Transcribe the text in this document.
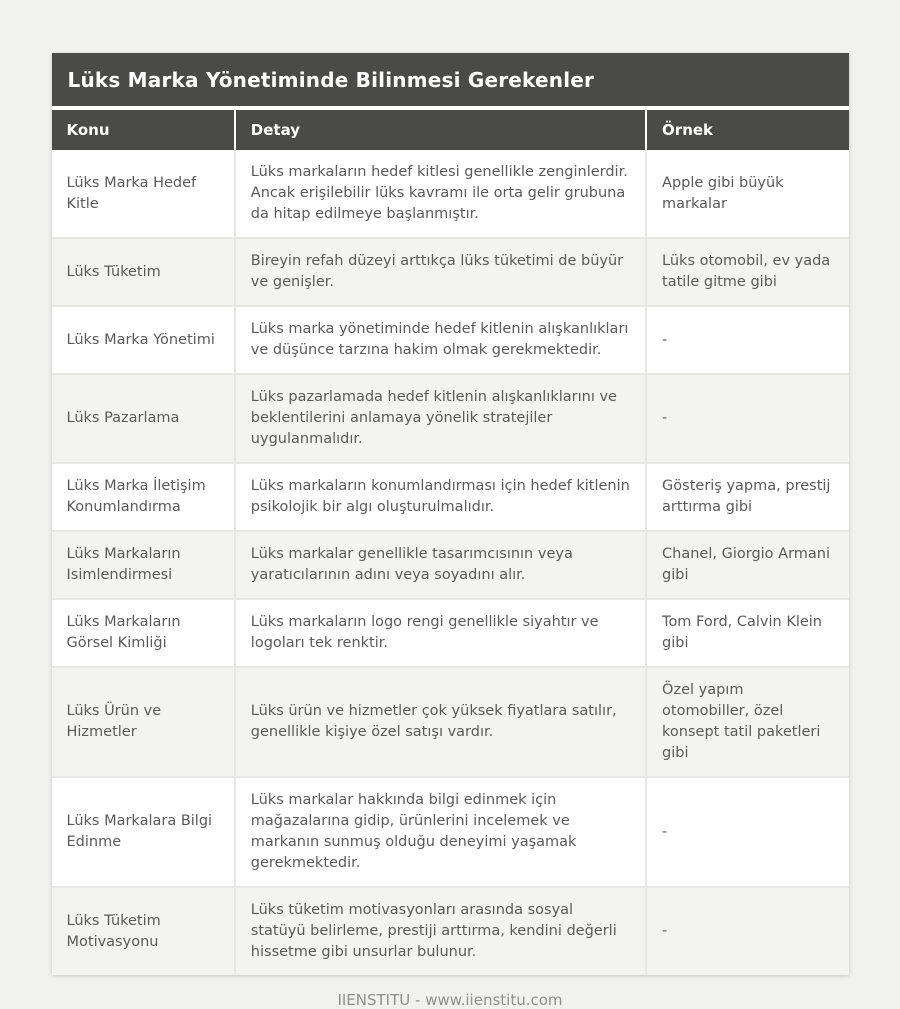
Lüks Marka Yönetiminde Bilinmesi Gerekenler
Konu	Detay	Örnek
Lüks Marka Hedef Kitle	Lüks markaların hedef kitlesi genellikle zenginlerdir. Ancak erişilebilir lüks kavramı ile orta gelir grubuna da hitap edilmeye başlanmıştır.	Apple gibi büyük markalar
Lüks Tüketim	Bireyin refah düzeyi arttıkça lüks tüketimi de büyür ve genişler.	Lüks otomobil, ev yada tatile gitme gibi
Lüks Marka Yönetimi	Lüks marka yönetiminde hedef kitlenin alışkanlıkları ve düşünce tarzına hakim olmak gerekmektedir.	-
Lüks Pazarlama	Lüks pazarlamada hedef kitlenin alışkanlıklarını ve beklentilerini anlamaya yönelik stratejiler uygulanmalıdır.	-
Lüks Marka İletişim Konumlandırma	Lüks markaların konumlandırması için hedef kitlenin psikolojik bir algı oluşturulmalıdır.	Gösteriş yapma, prestij arttırma gibi
Lüks Markaların Isimlendirmesi	Lüks markalar genellikle tasarımcısının veya yaratıcılarının adını veya soyadını alır.	Chanel, Giorgio Armani gibi
Lüks Markaların Görsel Kimliği	Lüks markaların logo rengi genellikle siyahtır ve logoları tek renktir.	Tom Ford, Calvin Klein gibi
Lüks Ürün ve Hizmetler	Lüks ürün ve hizmetler çok yüksek fiyatlara satılır, genellikle kişiye özel satışı vardır.	Özel yapım otomobiller, özel konsept tatil paketleri gibi
Lüks Markalara Bilgi Edinme	Lüks markalar hakkında bilgi edinmek için mağazalarına gidip, ürünlerini incelemek ve markanın sunmuş olduğu deneyimi yaşamak gerekmektedir.	-
Lüks Tüketim Motivasyonu	Lüks tüketim motivasyonları arasında sosyal statüyü belirleme, prestiji arttırma, kendini değerli hissetme gibi unsurlar bulunur.	-
IIENSTITU - www.iienstitu.com
